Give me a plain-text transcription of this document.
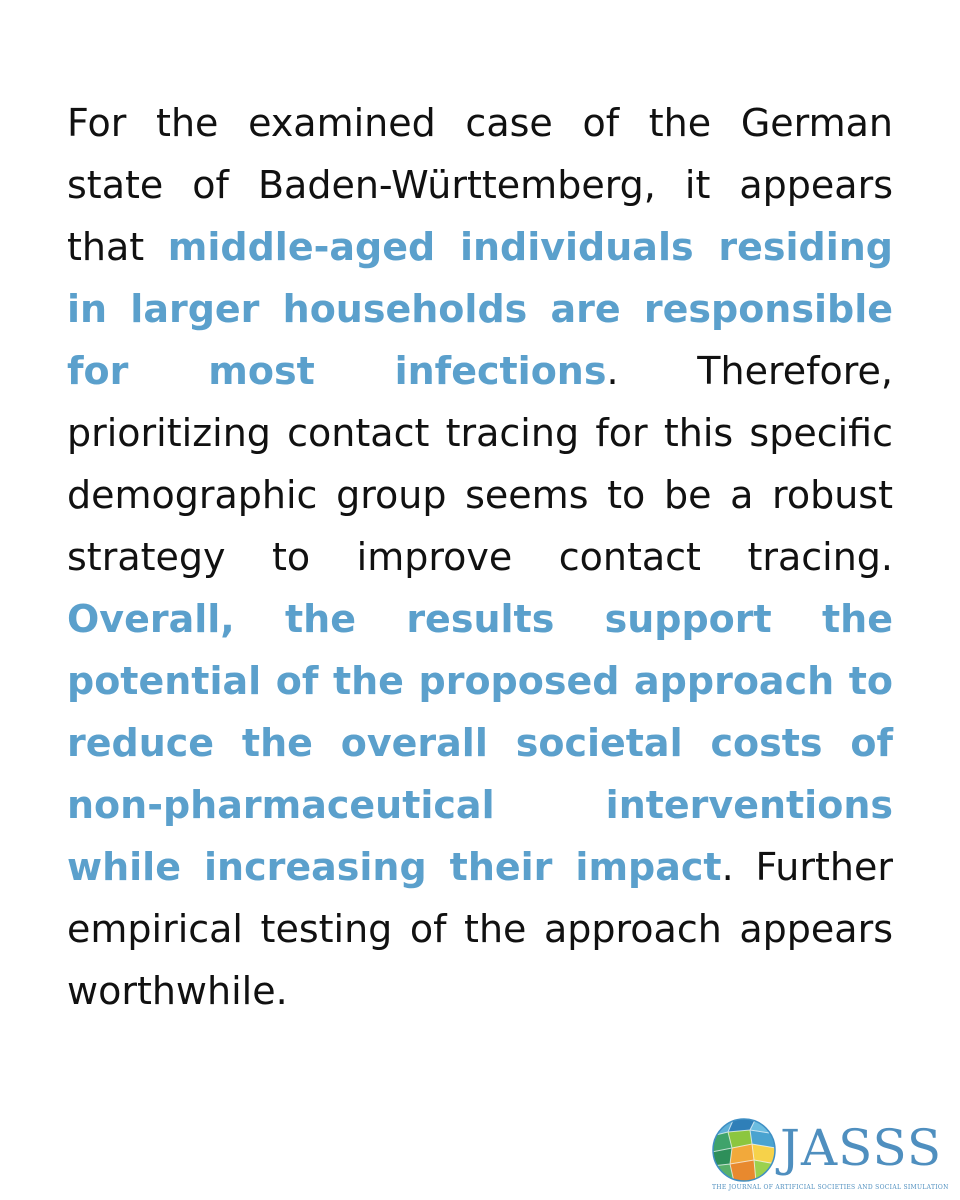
For the examined case of the German state of Baden-Württemberg, it appears that middle-aged individuals residing in larger households are responsible for most infections. Therefore, prioritizing contact tracing for this specific demographic group seems to be a robust strategy to improve contact tracing. Overall, the results support the potential of the proposed approach to reduce the overall societal costs of non-pharmaceutical interventions while increasing their impact. Further empirical testing of the approach appears worthwhile.

JASSS
THE JOURNAL OF ARTIFICIAL SOCIETIES AND SOCIAL SIMULATION
